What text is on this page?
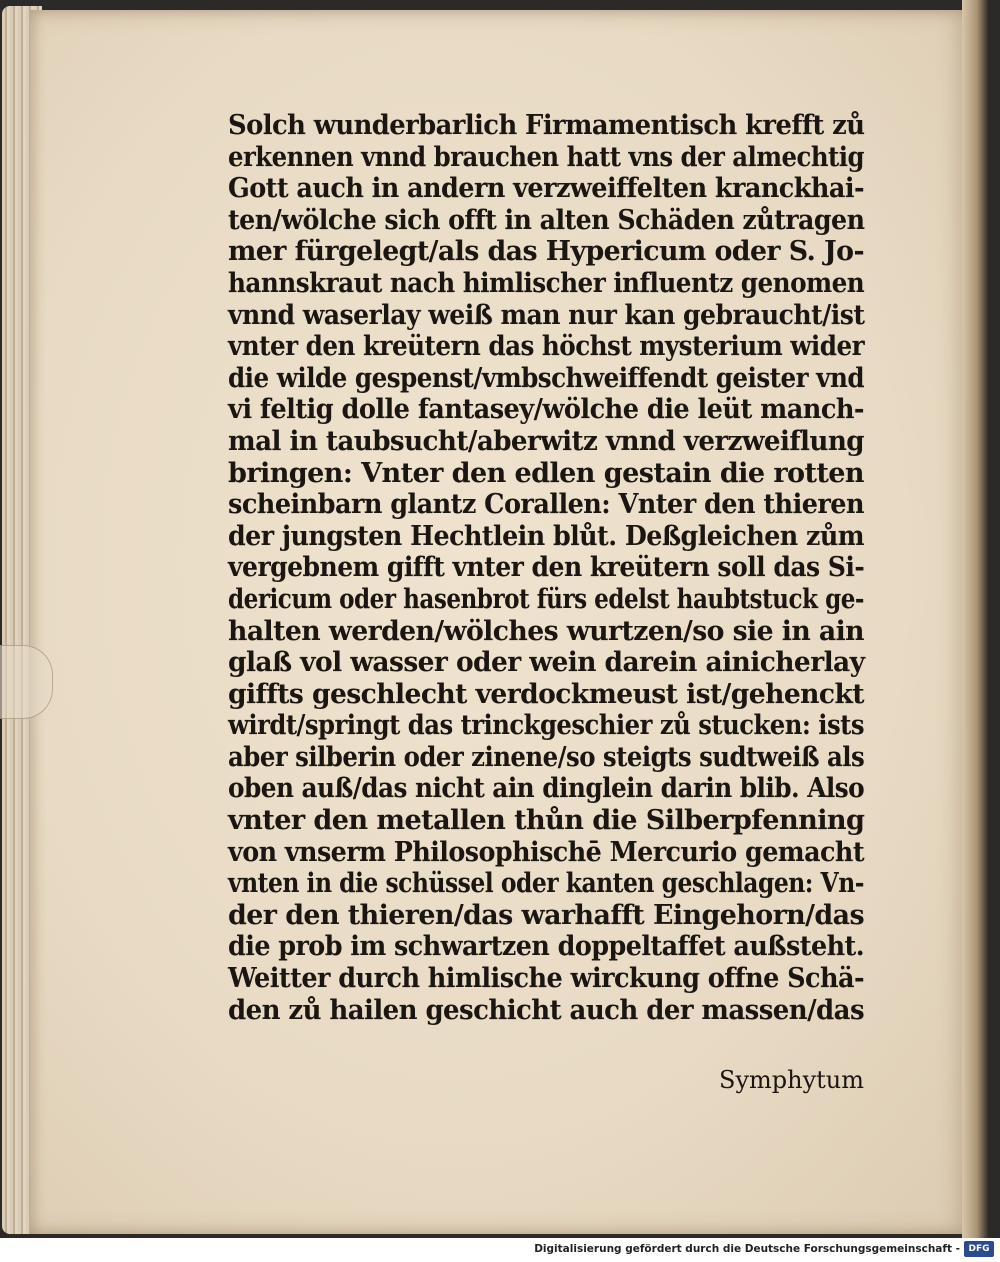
Solch wunderbarlich Firmamentisch krefft zů
erkennen vnnd brauchen hatt vns der almechtig
Gott auch in andern verzweiffelten kranckhai-
ten/wölche sich offt in alten Schäden zůtragen
mer fürgelegt/als das Hypericum oder S. Jo-
hannskraut nach himlischer influentz genomen
vnnd waserlay weiß man nur kan gebraucht/ist
vnter den kreütern das höchst mysterium wider
die wilde gespenst/vmbschweiffendt geister vnd
vi feltig dolle fantasey/wölche die leüt manch-
mal in taubsucht/aberwitz vnnd verzweiflung
bringen: Vnter den edlen gestain die rotten
scheinbarn glantz Corallen: Vnter den thieren
der jungsten Hechtlein blůt. Deßgleichen zům
vergebnem gifft vnter den kreütern soll das Si-
dericum oder hasenbrot fürs edelst haubtstuck ge-
halten werden/wölches wurtzen/so sie in ain
glaß vol wasser oder wein darein ainicherlay
giffts geschlecht verdockmeust ist/gehenckt
wirdt/springt das trinckgeschier zů stucken: ists
aber silberin oder zinene/so steigts sudtweiß als
oben auß/das nicht ain dinglein darin blib. Also
vnter den metallen thůn die Silberpfenning
von vnserm Philosophischē Mercurio gemacht
vnten in die schüssel oder kanten geschlagen: Vn-
der den thieren/das warhafft Eingehorn/das
die prob im schwartzen doppeltaffet außsteht.
Weitter durch himlische wirckung offne Schä-
den zů hailen geschicht auch der massen/das
Symphytum
Digitalisierung gefördert durch die Deutsche Forschungsgemeinschaft - DFG
